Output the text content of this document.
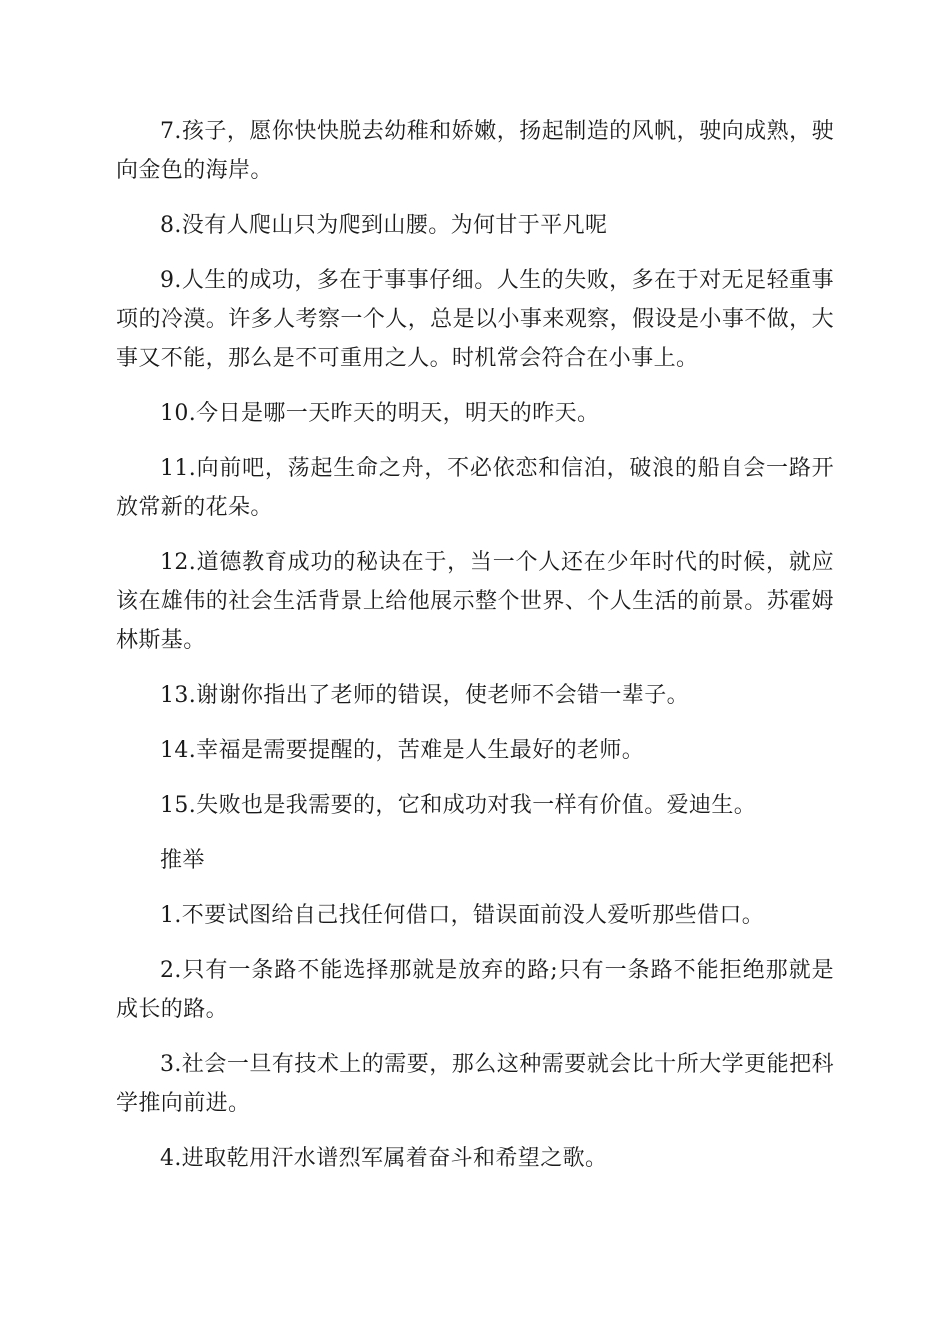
7.孩子，愿你快快脱去幼稚和娇嫩，扬起制造的风帆，驶向成熟，驶向金色的海岸。

8.没有人爬山只为爬到山腰。为何甘于平凡呢

9.人生的成功，多在于事事仔细。人生的失败，多在于对无足轻重事项的冷漠。许多人考察一个人，总是以小事来观察，假设是小事不做，大事又不能，那么是不可重用之人。时机常会符合在小事上。

10.今日是哪一天昨天的明天，明天的昨天。

11.向前吧，荡起生命之舟，不必依恋和信泊，破浪的船自会一路开放常新的花朵。

12.道德教育成功的秘诀在于，当一个人还在少年时代的时候，就应该在雄伟的社会生活背景上给他展示整个世界、个人生活的前景。苏霍姆林斯基。

13.谢谢你指出了老师的错误，使老师不会错一辈子。

14.幸福是需要提醒的，苦难是人生最好的老师。

15.失败也是我需要的，它和成功对我一样有价值。爱迪生。

推举

1.不要试图给自己找任何借口，错误面前没人爱听那些借口。

2.只有一条路不能选择那就是放弃的路;只有一条路不能拒绝那就是成长的路。

3.社会一旦有技术上的需要，那么这种需要就会比十所大学更能把科学推向前进。

4.进取乾用汗水谱烈军属着奋斗和希望之歌。
